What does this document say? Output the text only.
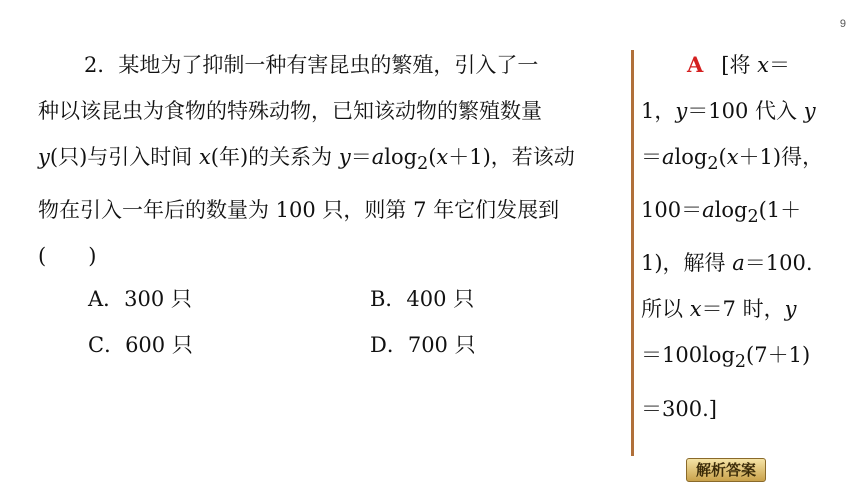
9
2．某地为了抑制一种有害昆虫的繁殖，引入了一
种以该昆虫为食物的特殊动物，已知该动物的繁殖数量
y(只)与引入时间 x(年)的关系为 y＝alog$_2$(x＋1)，若该动
物在引入一年后的数量为 100 只，则第 7 年它们发展到
(　　)
A．300 只	B．400 只
C．600 只	D．700 只
A [将 x＝
1，y＝100 代入 y
＝alog$_2$(x＋1)得，
100＝alog$_2$(1＋
1)，解得 a＝100.
所以 x＝7 时，y
$=100\log_2(7+1)$
＝300.]
解析答案
